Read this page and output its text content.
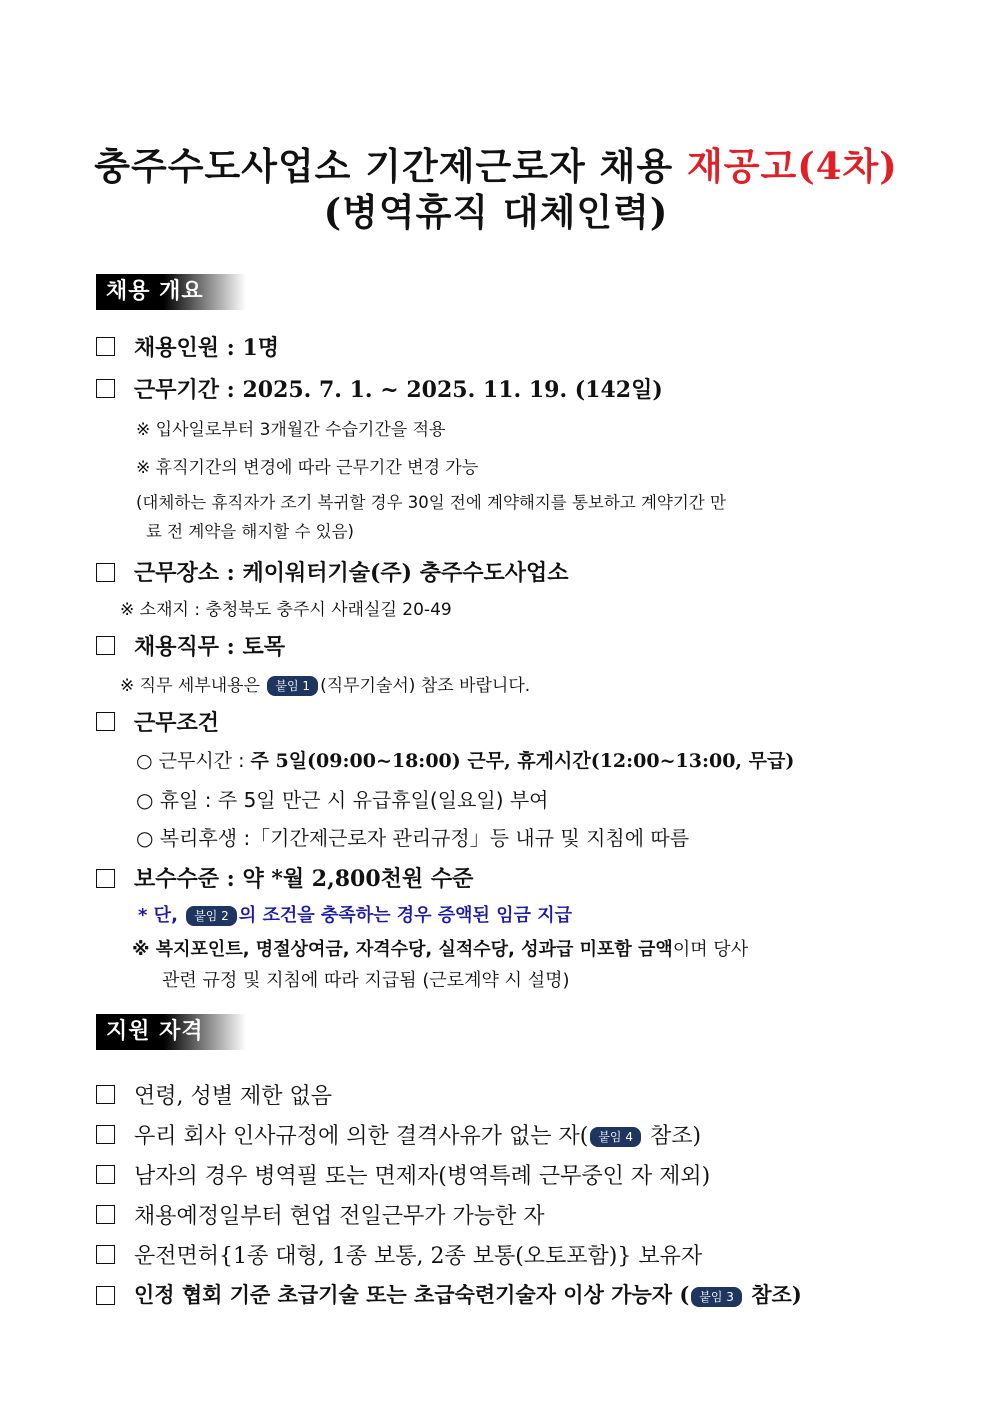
충주수도사업소 기간제근로자 채용 재공고(4차)
(병역휴직 대체인력)
채용 개요
채용인원 : 1명
근무기간 : 2025. 7. 1. ~ 2025. 11. 19. (142일)
※ 입사일로부터 3개월간 수습기간을 적용
※ 휴직기간의 변경에 따라 근무기간 변경 가능
(대체하는 휴직자가 조기 복귀할 경우 30일 전에 계약해지를 통보하고 계약기간 만
료 전 계약을 해지할 수 있음)
근무장소 : 케이워터기술(주) 충주수도사업소
※ 소재지 : 충청북도 충주시 사래실길 20-49
채용직무 : 토목
※ 직무 세부내용은 붙임 1 (직무기술서) 참조 바랍니다.
근무조건
○ 근무시간 : 주 5일(09:00~18:00) 근무, 휴게시간(12:00~13:00, 무급)
○ 휴일 : 주 5일 만근 시 유급휴일(일요일) 부여
○ 복리후생 :「기간제근로자 관리규정」등 내규 및 지침에 따름
보수수준 : 약 *월 2,800천원 수준
* 단, 붙임 2 의 조건을 충족하는 경우 증액된 임금 지급
※ 복지포인트, 명절상여금, 자격수당, 실적수당, 성과급 미포함 금액이며 당사
관련 규정 및 지침에 따라 지급됨 (근로계약 시 설명)
지원 자격
연령, 성별 제한 없음
우리 회사 인사규정에 의한 결격사유가 없는 자( 붙임 4 참조)
남자의 경우 병역필 또는 면제자(병역특례 근무중인 자 제외)
채용예정일부터 현업 전일근무가 가능한 자
운전면허{1종 대형, 1종 보통, 2종 보통(오토포함)} 보유자
인정 협회 기준 초급기술 또는 초급숙련기술자 이상 가능자 ( 붙임 3 참조)
